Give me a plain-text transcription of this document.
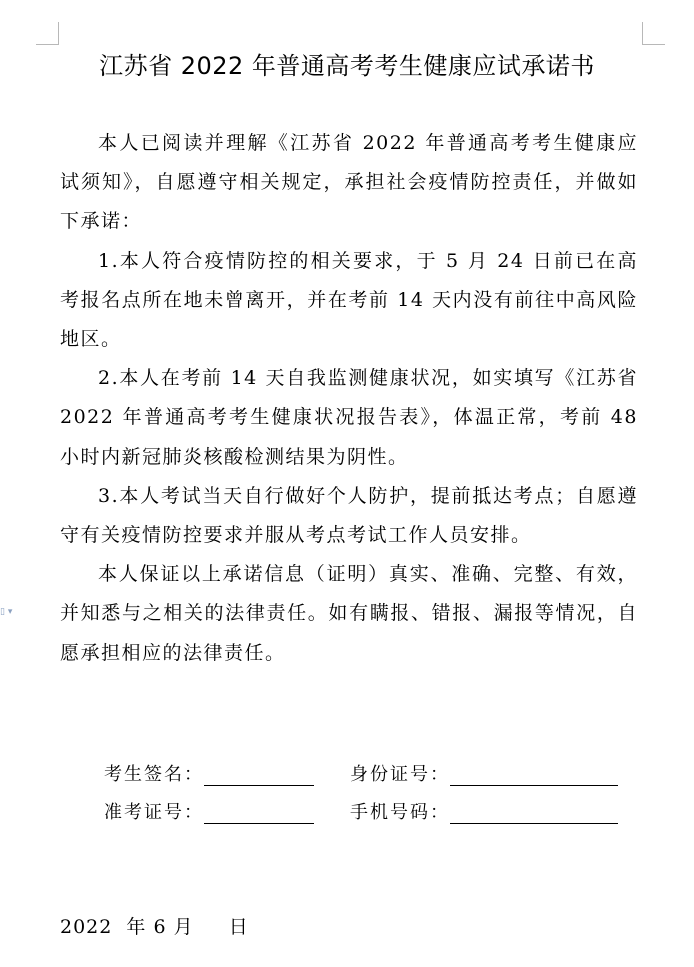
▯ ▾
江苏省 2022 年普通高考考生健康应试承诺书

本人已阅读并理解《江苏省 2022 年普通高考考生健康应试须知》，自愿遵守相关规定，承担社会疫情防控责任，并做如下承诺：

1.本人符合疫情防控的相关要求，于 5 月 24 日前已在高考报名点所在地未曾离开，并在考前 14 天内没有前往中高风险地区。

2.本人在考前 14 天自我监测健康状况，如实填写《江苏省 2022 年普通高考考生健康状况报告表》，体温正常，考前 48 小时内新冠肺炎核酸检测结果为阴性。

3.本人考试当天自行做好个人防护，提前抵达考点；自愿遵守有关疫情防控要求并服从考点考试工作人员安排。

本人保证以上承诺信息（证明）真实、准确、完整、有效，并知悉与之相关的法律责任。如有瞒报、错报、漏报等情况，自愿承担相应的法律责任。

考生签名：	身份证号：
准考证号：	手机号码：
2022  年 6 月     日
